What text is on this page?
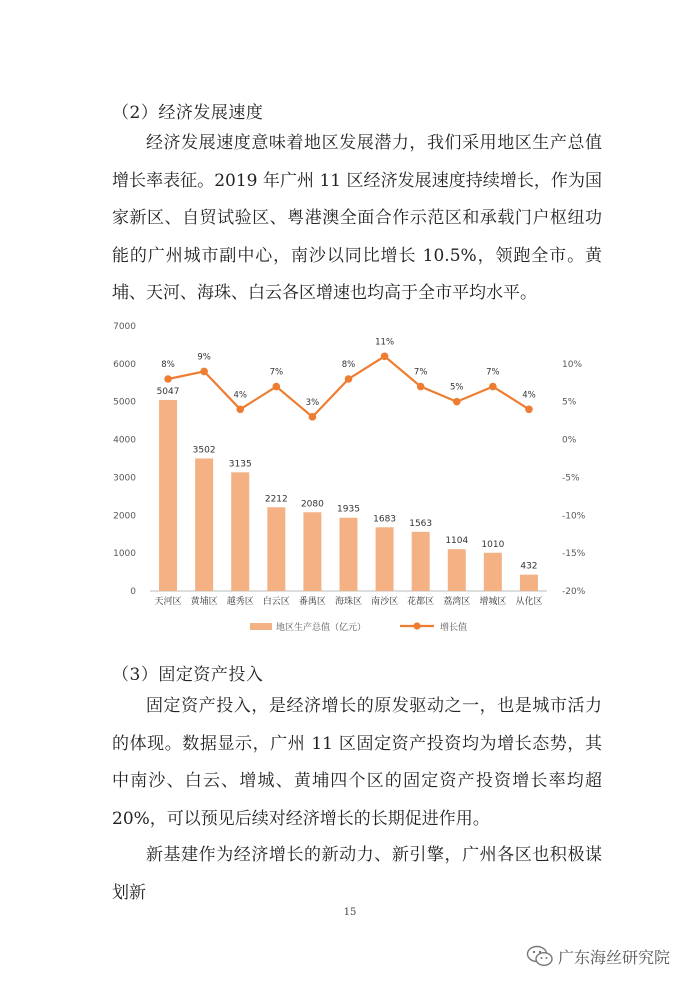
（2）经济发展速度
经济发展速度意味着地区发展潜力，我们采用地区生产总值增长率表征。2019 年广州 11 区经济发展速度持续增长，作为国家新区、自贸试验区、粤港澳全面合作示范区和承载门户枢纽功能的广州城市副中心，南沙以同比增长 10.5%，领跑全市。黄埔、天河、海珠、白云各区增速也均高于全市平均水平。
0
1000
2000
3000
4000
5000
6000
7000
-20%
-15%
-10%
-5%
0%
5%
10%
5047
3502
3135
2212 2080
1935
1683 1563
1104 1010
432
8%
9%
4%
7%
3%
8%
11%
7%
5%
7%
4%
天河区 黄埔区 越秀区 白云区 番禺区 海珠区 南沙区 花都区 荔湾区 增城区 从化区
地区生产总值（亿元）	增长值
（3）固定资产投入
固定资产投入，是经济增长的原发驱动之一，也是城市活力的体现。数据显示，广州 11 区固定资产投资均为增长态势，其中南沙、白云、增城、黄埔四个区的固定资产投资增长率均超 20%，可以预见后续对经济增长的长期促进作用。
新基建作为经济增长的新动力、新引擎，广州各区也积极谋划新
15
广东海丝研究院
